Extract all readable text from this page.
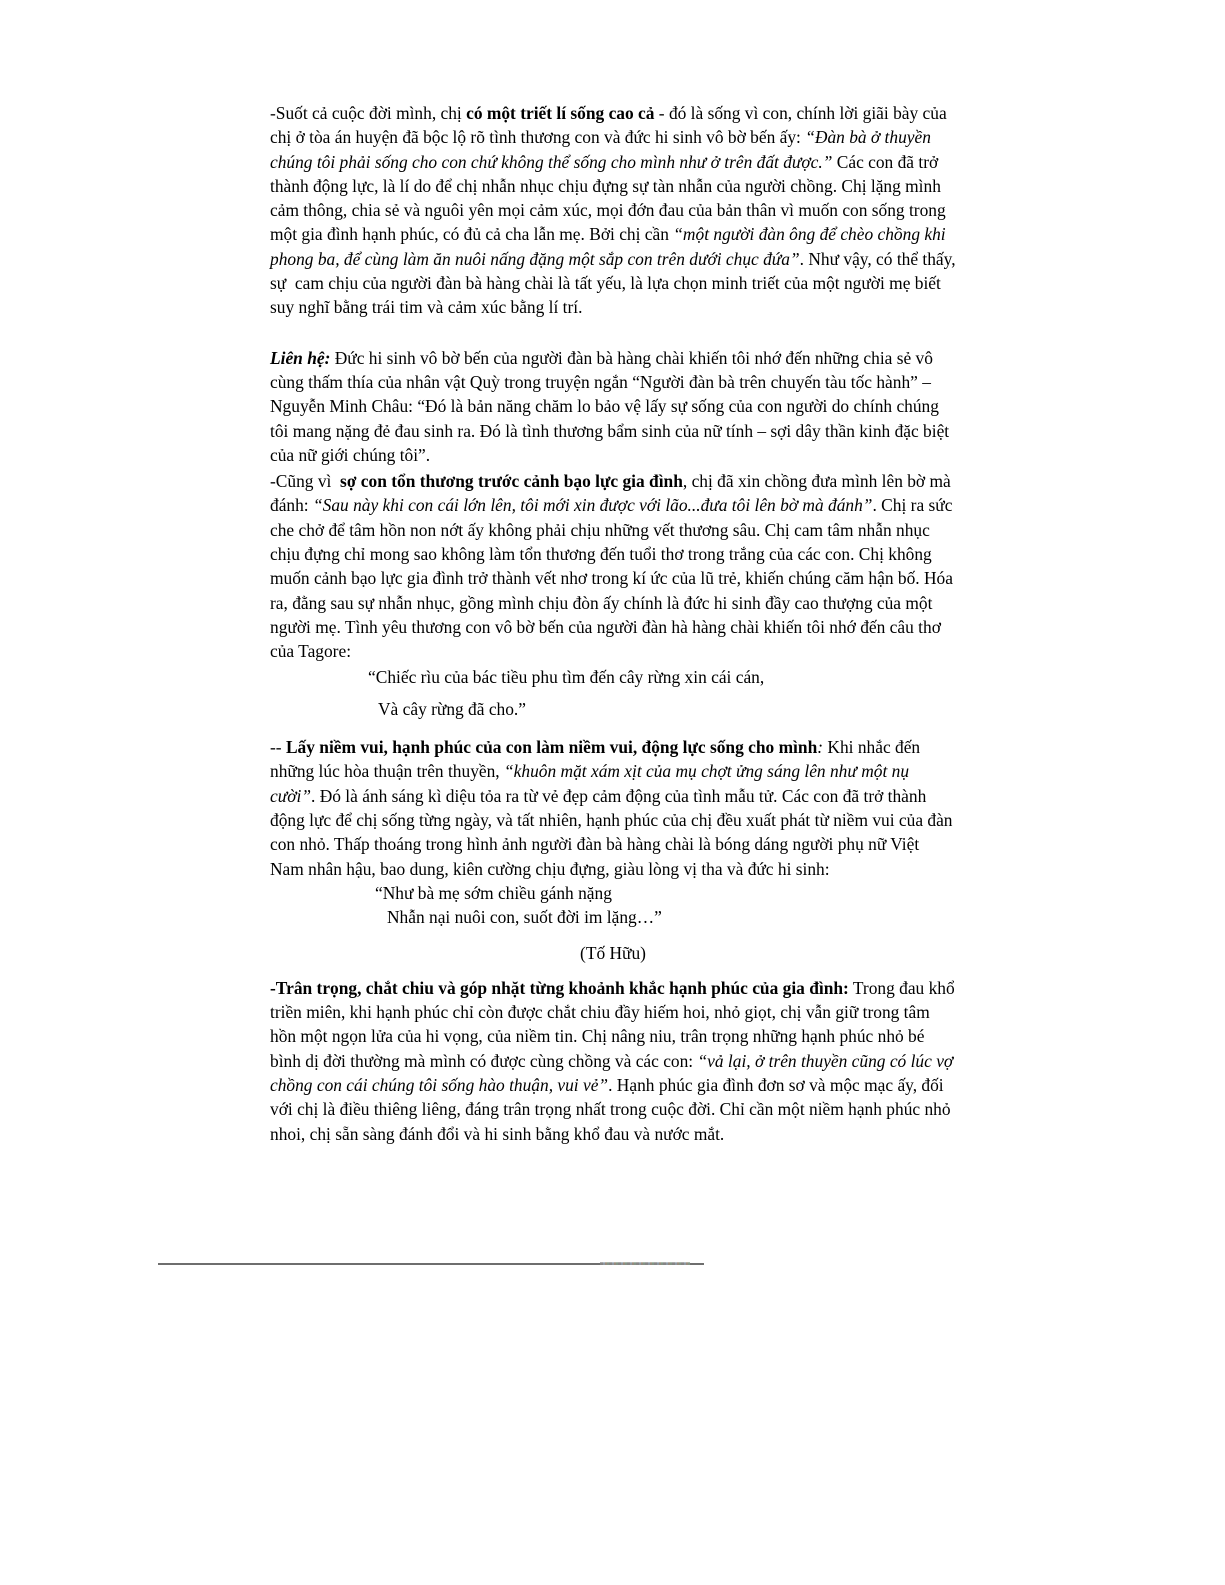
-Suốt cả cuộc đời mình, chị có một triết lí sống cao cả - đó là sống vì con, chính lời giãi bày của chị ở tòa án huyện đã bộc lộ rõ tình thương con và đức hi sinh vô bờ bến ấy: “Đàn bà ở thuyền chúng tôi phải sống cho con chứ không thể sống cho mình như ở trên đất được.” Các con đã trở thành động lực, là lí do để chị nhẫn nhục chịu đựng sự tàn nhẫn của người chồng. Chị lặng mình cảm thông, chia sẻ và nguôi yên mọi cảm xúc, mọi đớn đau của bản thân vì muốn con sống trong một gia đình hạnh phúc, có đủ cả cha lẫn mẹ. Bởi chị cần “một người đàn ông để chèo chồng khi phong ba, để cùng làm ăn nuôi nấng đặng một sắp con trên dưới chục đứa”. Như vậy, có thể thấy, sự  cam chịu của người đàn bà hàng chài là tất yếu, là lựa chọn minh triết của một người mẹ biết suy nghĩ bằng trái tim và cảm xúc bằng lí trí.

Liên hệ: Đức hi sinh vô bờ bến của người đàn bà hàng chài khiến tôi nhớ đến những chia sẻ vô cùng thấm thía của nhân vật Quỳ trong truyện ngắn “Người đàn bà trên chuyến tàu tốc hành” – Nguyễn Minh Châu: “Đó là bản năng chăm lo bảo vệ lấy sự sống của con người do chính chúng tôi mang nặng đẻ đau sinh ra. Đó là tình thương bẩm sinh của nữ tính – sợi dây thần kinh đặc biệt của nữ giới chúng tôi”.

-Cũng vì  sợ con tổn thương trước cảnh bạo lực gia đình, chị đã xin chồng đưa mình lên bờ mà đánh: “Sau này khi con cái lớn lên, tôi mới xin được với lão...đưa tôi lên bờ mà đánh”. Chị ra sức che chở để tâm hồn non nớt ấy không phải chịu những vết thương sâu. Chị cam tâm nhẫn nhục chịu đựng chỉ mong sao không làm tổn thương đến tuổi thơ trong trắng của các con. Chị không muốn cảnh bạo lực gia đình trở thành vết nhơ trong kí ức của lũ trẻ, khiến chúng căm hận bố. Hóa ra, đằng sau sự nhẫn nhục, gồng mình chịu đòn ấy chính là đức hi sinh đầy cao thượng của một người mẹ. Tình yêu thương con vô bờ bến của người đàn hà hàng chài khiến tôi nhớ đến câu thơ của Tagore:

“Chiếc rìu của bác tiều phu tìm đến cây rừng xin cái cán,

Và cây rừng đã cho.”

-- Lấy niềm vui, hạnh phúc của con làm niềm vui, động lực sống cho mình: Khi nhắc đến những lúc hòa thuận trên thuyền, “khuôn mặt xám xịt của mụ chợt ửng sáng lên như một nụ cười”. Đó là ánh sáng kì diệu tỏa ra từ vẻ đẹp cảm động của tình mẫu tử. Các con đã trở thành động lực để chị sống từng ngày, và tất nhiên, hạnh phúc của chị đều xuất phát từ niềm vui của đàn con nhỏ. Thấp thoáng trong hình ảnh người đàn bà hàng chài là bóng dáng người phụ nữ Việt Nam nhân hậu, bao dung, kiên cường chịu đựng, giàu lòng vị tha và đức hi sinh:

“Như bà mẹ sớm chiều gánh nặng

Nhẫn nại nuôi con, suốt đời im lặng…”

(Tố Hữu)

-Trân trọng, chắt chiu và góp nhặt từng khoảnh khắc hạnh phúc của gia đình: Trong đau khổ triền miên, khi hạnh phúc chỉ còn được chắt chiu đầy hiếm hoi, nhỏ giọt, chị vẫn giữ trong tâm hồn một ngọn lửa của hi vọng, của niềm tin. Chị nâng niu, trân trọng những hạnh phúc nhỏ bé bình dị đời thường mà mình có được cùng chồng và các con: “vả lại, ở trên thuyền cũng có lúc vợ chồng con cái chúng tôi sống hào thuận, vui vẻ”. Hạnh phúc gia đình đơn sơ và mộc mạc ấy, đối với chị là điều thiêng liêng, đáng trân trọng nhất trong cuộc đời. Chỉ cần một niềm hạnh phúc nhỏ nhoi, chị sẵn sàng đánh đổi và hi sinh bằng khổ đau và nước mắt.
